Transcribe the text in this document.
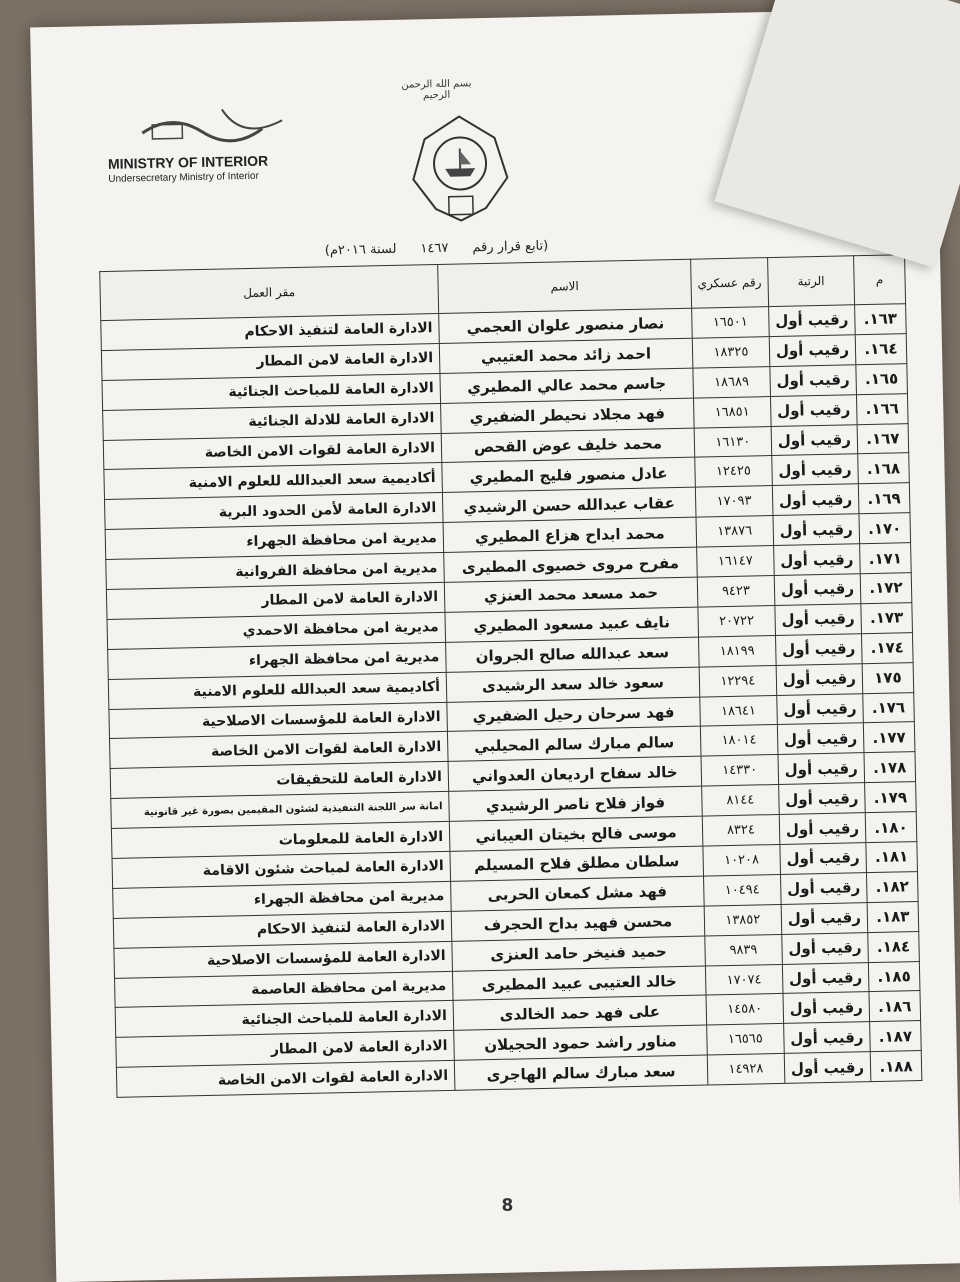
MINISTRY OF INTERIOR
Undersecretary Ministry of Interior
بسم الله الرحمن الرحيم
(تابع قرار رقم
١٤٦٧
لسنة ٢٠١٦م)
م	الرتبة	رقم عسكري	الاسم	مقر العمل
١٦٣.	رقيب أول	١٦٥٠١	نصار منصور علوان العجمي	الادارة العامة لتنفيذ الاحكام
١٦٤.	رقيب أول	١٨٣٢٥	احمد زائد محمد العتيبي	الادارة العامة لامن المطار
١٦٥.	رقيب أول	١٨٦٨٩	جاسم محمد عالي المطيري	الادارة العامة للمباحث الجنائية
١٦٦.	رقيب أول	١٦٨٥١	فهد مجلاد نحيطر الضفيري	الادارة العامة للادلة الجنائية
١٦٧.	رقيب أول	١٦١٣٠	محمد خليف عوض القحص	الادارة العامة لقوات الامن الخاصة
١٦٨.	رقيب أول	١٢٤٢٥	عادل منصور فليج المطيري	أكاديمية سعد العبدالله للعلوم الامنية
١٦٩.	رقيب أول	١٧٠٩٣	عقاب عبدالله حسن الرشيدي	الادارة العامة لأمن الحدود البرية
١٧٠.	رقيب أول	١٣٨٧٦	محمد ابداح هزاع المطيري	مديرية امن محافظة الجهراء
١٧١.	رقيب أول	١٦١٤٧	مفرح مروى خصيوى المطيرى	مديرية امن محافظة الفروانية
١٧٢.	رقيب أول	٩٤٢٣	حمد مسعد محمد العنزي	الادارة العامة لامن المطار
١٧٣.	رقيب أول	٢٠٧٢٢	نايف عبيد مسعود المطيري	مديرية امن محافظة الاحمدي
١٧٤.	رقيب أول	١٨١٩٩	سعد عبدالله صالح الجروان	مديرية امن محافظة الجهراء
١٧٥	رقيب أول	١٢٢٩٤	سعود خالد سعد الرشيدى	أكاديمية سعد العبدالله للعلوم الامنية
١٧٦.	رقيب أول	١٨٦٤١	فهد سرحان رحيل الضفيري	الادارة العامة للمؤسسات الاصلاحية
١٧٧.	رقيب أول	١٨٠١٤	سالم مبارك سالم المحيلبي	الادارة العامة لقوات الامن الخاصة
١٧٨.	رقيب أول	١٤٣٣٠	خالد سفاح ارديعان العدواني	الادارة العامة للتحقيقات
١٧٩.	رقيب أول	٨١٤٤	فواز فلاح ناصر الرشيدي	امانة سر اللجنة التنفيذية لشئون المقيمين بصورة غير قانونية
١٨٠.	رقيب أول	٨٣٢٤	موسى فالح بخيتان العيباني	الادارة العامة للمعلومات
١٨١.	رقيب أول	١٠٢٠٨	سلطان مطلق فلاح المسيلم	الادارة العامة لمباحث شئون الاقامة
١٨٢.	رقيب أول	١٠٤٩٤	فهد مشل كمعان الحربى	مديرية امن محافظة الجهراء
١٨٣.	رقيب أول	١٣٨٥٢	محسن فهيد بداح الحجرف	الادارة العامة لتنفيذ الاحكام
١٨٤.	رقيب أول	٩٨٣٩	حميد فنيخر حامد العنزى	الادارة العامة للمؤسسات الاصلاحية
١٨٥.	رقيب أول	١٧٠٧٤	خالد العتيبى عبيد المطيرى	مديرية امن محافظة العاصمة
١٨٦.	رقيب أول	١٤٥٨٠	على فهد حمد الخالدى	الادارة العامة للمباحث الجنائية
١٨٧.	رقيب أول	١٦٥٦٥	مناور راشد حمود الحجيلان	الادارة العامة لامن المطار
١٨٨.	رقيب أول	١٤٩٢٨	سعد مبارك سالم الهاجرى	الادارة العامة لقوات الامن الخاصة
8
